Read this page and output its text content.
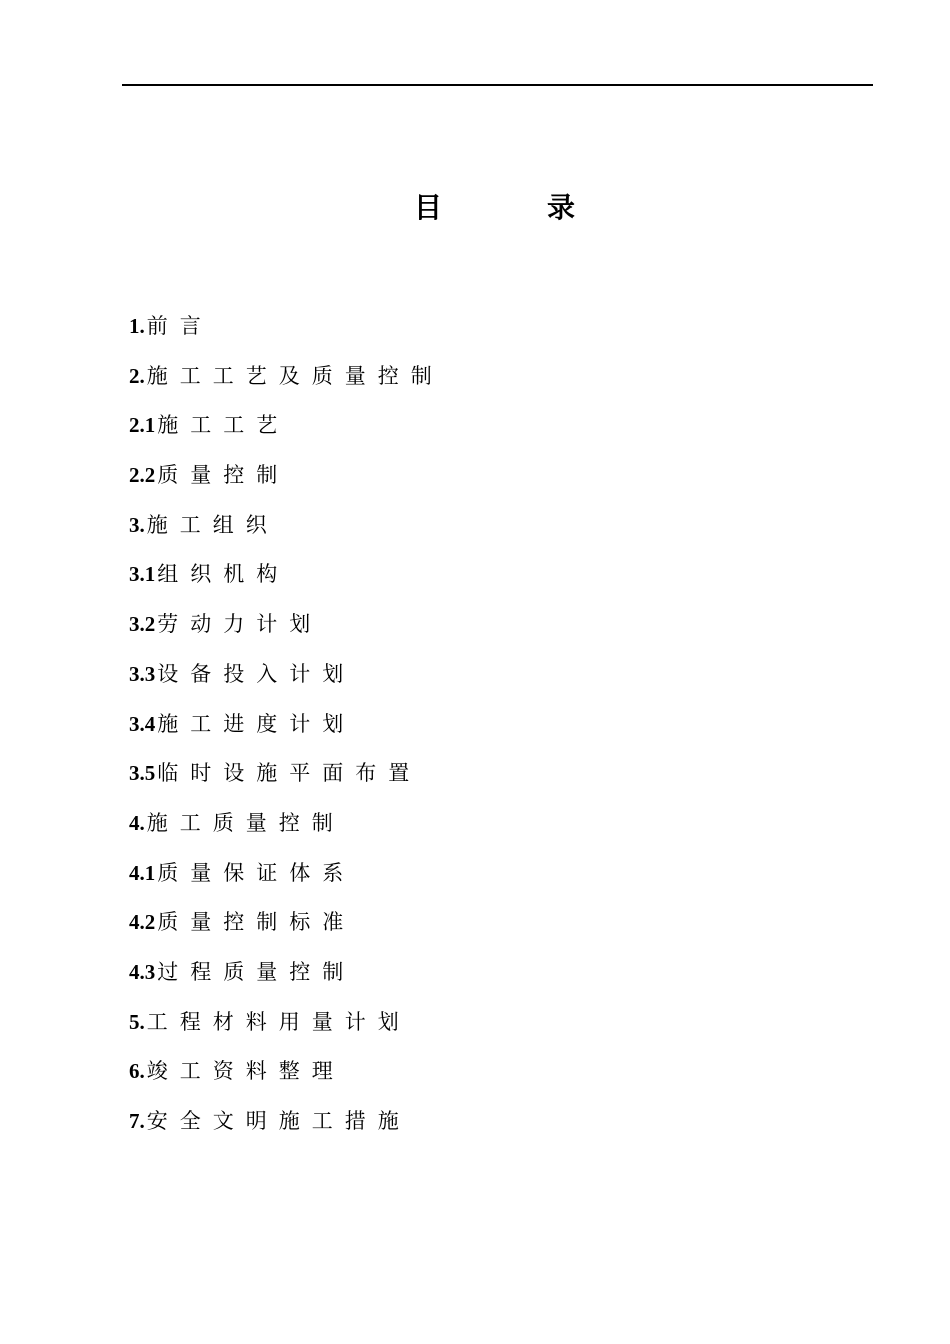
目	录
1.前言
2.施工工艺及质量控制
2.1施工工艺
2.2质量控制
3.施工组织
3.1组织机构
3.2劳动力计划
3.3设备投入计划
3.4施工进度计划
3.5临时设施平面布置
4.施工质量控制
4.1质量保证体系
4.2质量控制标准
4.3过程质量控制
5.工程材料用量计划
6.竣工资料整理
7.安全文明施工措施
